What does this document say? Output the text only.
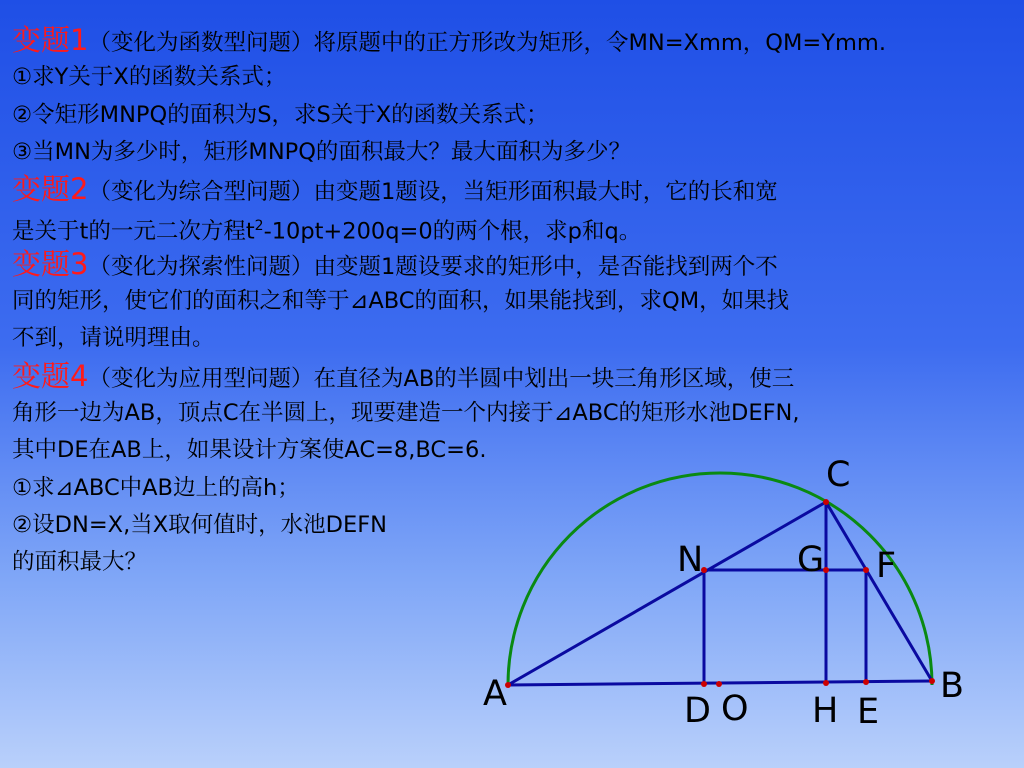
变题1（变化为函数型问题）将原题中的正方形改为矩形，令MN=Xmm，QM=Ymm.
①求Y关于X的函数关系式；
②令矩形MNPQ的面积为S，求S关于X的函数关系式；
③当MN为多少时，矩形MNPQ的面积最大？最大面积为多少？
变题2（变化为综合型问题）由变题1题设，当矩形面积最大时，它的长和宽
是关于t的一元二次方程$t^2-10pt+200q=0$的两个根，求p和q。
变题3（变化为探索性问题）由变题1题设要求的矩形中，是否能找到两个不
同的矩形，使它们的面积之和等于⊿ABC的面积，如果能找到，求QM，如果找
不到，请说明理由。
变题4（变化为应用型问题）在直径为AB的半圆中划出一块三角形区域，使三
角形一边为AB，顶点C在半圆上，现要建造一个内接于⊿ABC的矩形水池DEFN,
其中DE在AB上，如果设计方案使AC=8,BC=6.
①求⊿ABC中AB边上的高h；
②设DN=X,当X取何值时，水池DEFN
的面积最大？
A	B
C
N	G F
D O H E
